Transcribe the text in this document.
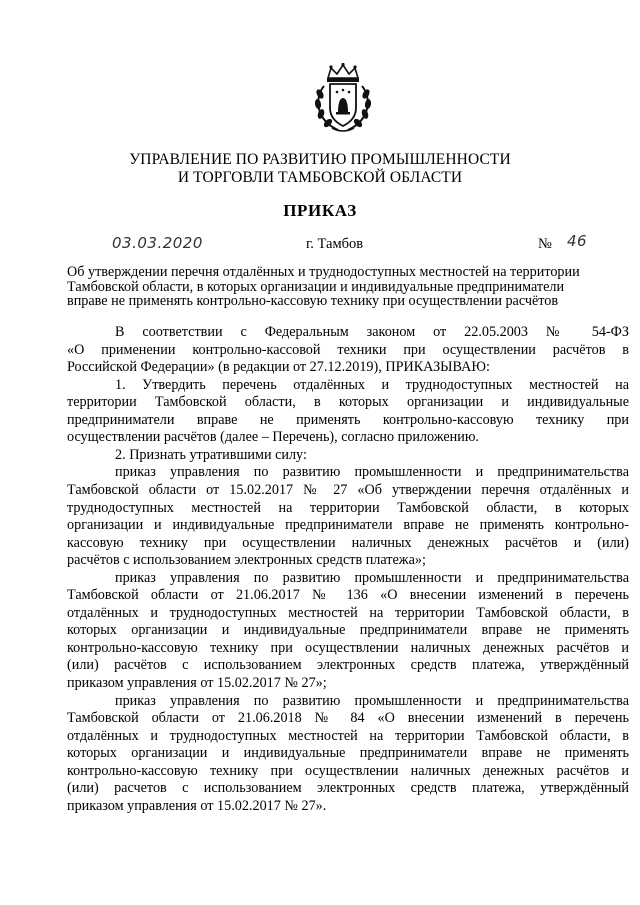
УПРАВЛЕНИЕ ПО РАЗВИТИЮ ПРОМЫШЛЕННОСТИ
И ТОРГОВЛИ ТАМБОВСКОЙ ОБЛАСТИ
ПРИКАЗ
03.03.2020	г. Тамбов	№ 46
Об утверждении перечня отдалённых и труднодоступных местностей на территории
Тамбовской области, в которых организации и индивидуальные предприниматели
вправе не применять контрольно-кассовую технику при осуществлении расчётов
В соответствии с Федеральным законом от 22.05.2003 № 54-ФЗ
«О применении контрольно-кассовой техники при осуществлении расчётов в
Российской Федерации» (в редакции от 27.12.2019), ПРИКАЗЫВАЮ:
1. Утвердить перечень отдалённых и труднодоступных местностей на
территории Тамбовской области, в которых организации и индивидуальные
предприниматели вправе не применять контрольно-кассовую технику при
осуществлении расчётов (далее – Перечень), согласно приложению.
2. Признать утратившими силу:
приказ управления по развитию промышленности и предпринимательства
Тамбовской области от 15.02.2017 № 27 «Об утверждении перечня отдалённых и
труднодоступных местностей на территории Тамбовской области, в которых
организации и индивидуальные предприниматели вправе не применять контрольно-
кассовую технику при осуществлении наличных денежных расчётов и (или)
расчётов с использованием электронных средств платежа»;
приказ управления по развитию промышленности и предпринимательства
Тамбовской области от 21.06.2017 № 136 «О внесении изменений в перечень
отдалённых и труднодоступных местностей на территории Тамбовской области, в
которых организации и индивидуальные предприниматели вправе не применять
контрольно-кассовую технику при осуществлении наличных денежных расчётов и
(или) расчётов с использованием электронных средств платежа, утверждённый
приказом управления от 15.02.2017 № 27»;
приказ управления по развитию промышленности и предпринимательства
Тамбовской области от 21.06.2018 № 84 «О внесении изменений в перечень
отдалённых и труднодоступных местностей на территории Тамбовской области, в
которых организации и индивидуальные предприниматели вправе не применять
контрольно-кассовую технику при осуществлении наличных денежных расчётов и
(или) расчетов с использованием электронных средств платежа, утверждённый
приказом управления от 15.02.2017 № 27».
